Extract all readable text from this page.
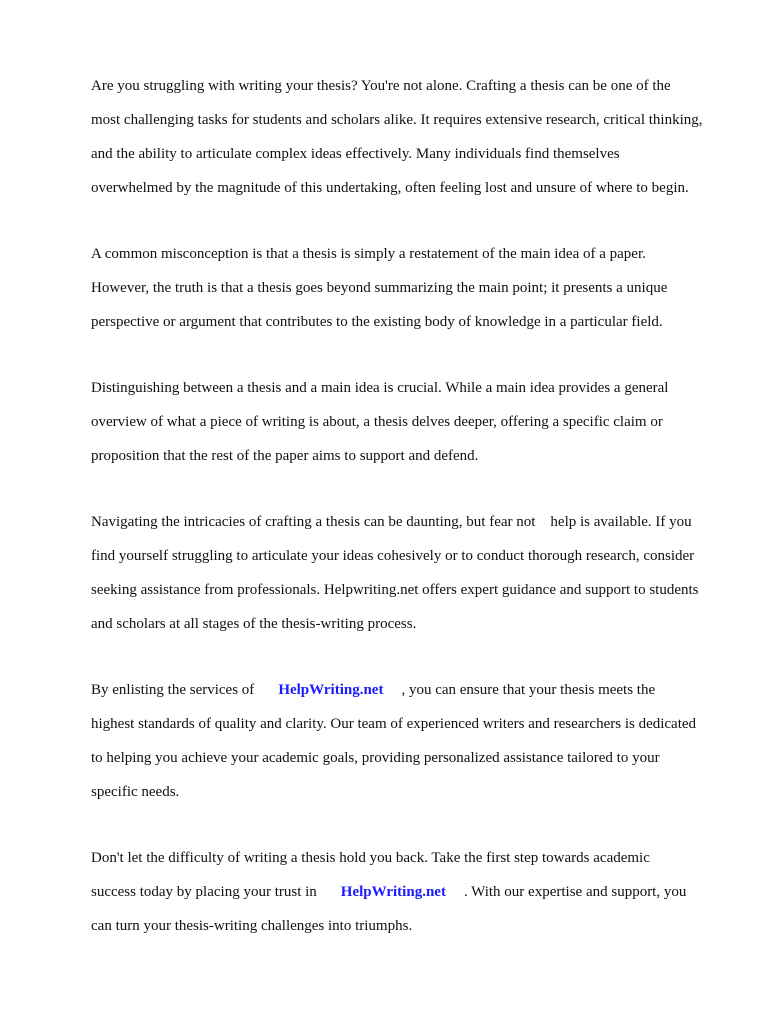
Are you struggling with writing your thesis? You're not alone. Crafting a thesis can be one of the

most challenging tasks for students and scholars alike. It requires extensive research, critical thinking,

and the ability to articulate complex ideas effectively. Many individuals find themselves

overwhelmed by the magnitude of this undertaking, often feeling lost and unsure of where to begin.

A common misconception is that a thesis is simply a restatement of the main idea of a paper.

However, the truth is that a thesis goes beyond summarizing the main point; it presents a unique

perspective or argument that contributes to the existing body of knowledge in a particular field.

Distinguishing between a thesis and a main idea is crucial. While a main idea provides a general

overview of what a piece of writing is about, a thesis delves deeper, offering a specific claim or

proposition that the rest of the paper aims to support and defend.

Navigating the intricacies of crafting a thesis can be daunting, but fear not    help is available. If you

find yourself struggling to articulate your ideas cohesively or to conduct thorough research, consider

seeking assistance from professionals. Helpwriting.net offers expert guidance and support to students

and scholars at all stages of the thesis-writing process.

By enlisting the services of HelpWriting.net , you can ensure that your thesis meets the

highest standards of quality and clarity. Our team of experienced writers and researchers is dedicated

to helping you achieve your academic goals, providing personalized assistance tailored to your

specific needs.

Don't let the difficulty of writing a thesis hold you back. Take the first step towards academic

success today by placing your trust in HelpWriting.net . With our expertise and support, you

can turn your thesis-writing challenges into triumphs.
